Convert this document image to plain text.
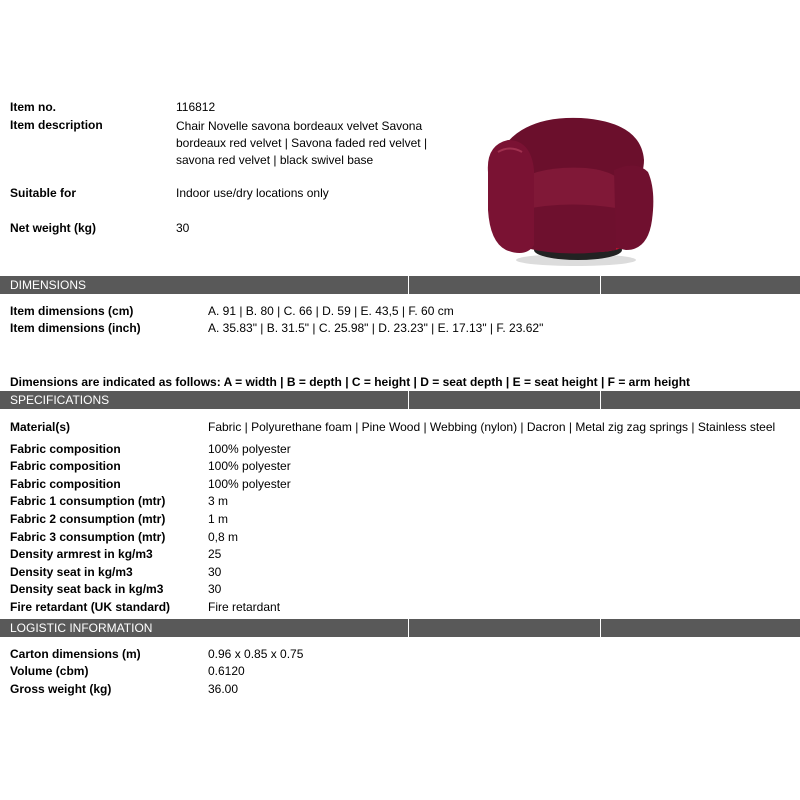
Item no.	116812
Item description	Chair Novelle savona bordeaux velvet Savona bordeaux red velvet | Savona faded red velvet | savona red velvet | black swivel base
Suitable for	Indoor use/dry locations only
Net weight (kg)	30
DIMENSIONS
Item dimensions (cm)	A. 91 | B. 80 | C. 66 | D. 59 | E. 43,5 | F. 60 cm
Item dimensions (inch)	A. 35.83" | B. 31.5" | C. 25.98" | D. 23.23" | E. 17.13" | F. 23.62"
Dimensions are indicated as follows: A = width | B = depth | C = height | D = seat depth | E = seat height | F = arm height
SPECIFICATIONS
Material(s)	Fabric | Polyurethane foam | Pine Wood | Webbing (nylon) | Dacron | Metal zig zag springs | Stainless steel
Fabric composition	100% polyester
Fabric composition	100% polyester
Fabric composition	100% polyester
Fabric 1 consumption (mtr)	3 m
Fabric 2 consumption (mtr)	1 m
Fabric 3 consumption (mtr)	0,8 m
Density armrest in kg/m3	25
Density seat in kg/m3	30
Density seat back in kg/m3	30
Fire retardant (UK standard)	Fire retardant
LOGISTIC INFORMATION
Carton dimensions (m)	0.96 x 0.85 x 0.75
Volume (cbm)	0.6120
Gross weight (kg)	36.00
